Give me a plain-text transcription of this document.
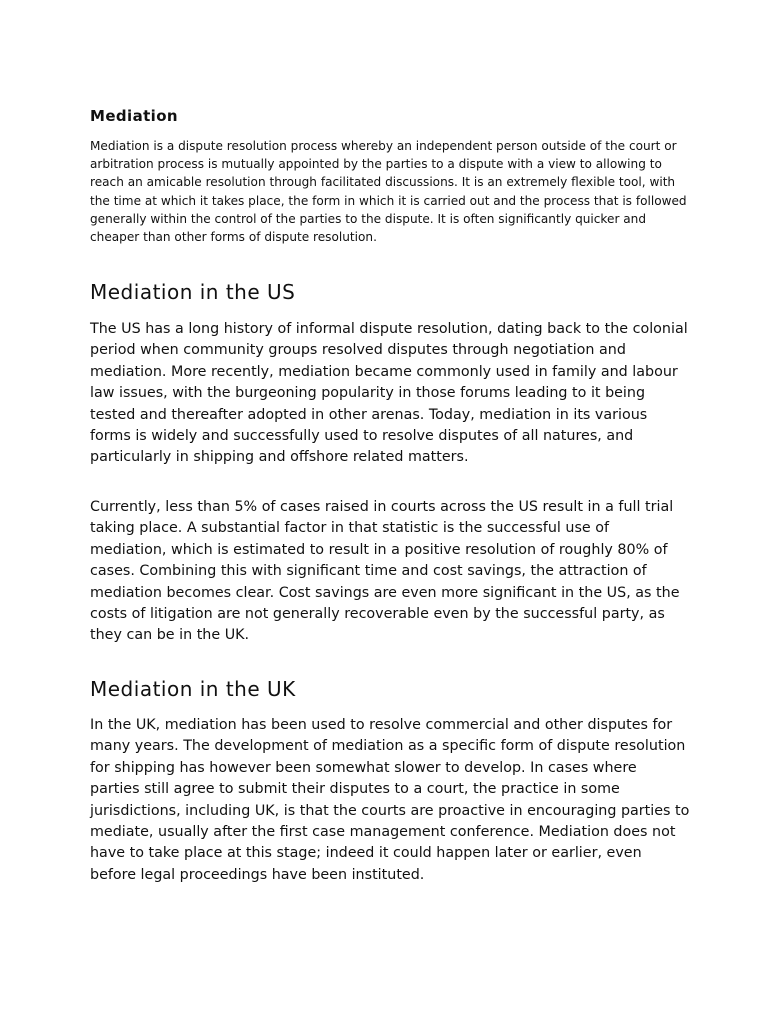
Mediation

Mediation is a dispute resolution process whereby an independent person outside of the court or arbitration process is mutually appointed by the parties to a dispute with a view to allowing to reach an amicable resolution through facilitated discussions. It is an extremely flexible tool, with the time at which it takes place, the form in which it is carried out and the process that is followed generally within the control of the parties to the dispute. It is often significantly quicker and cheaper than other forms of dispute resolution.

Mediation in the US

The US has a long history of informal dispute resolution, dating back to the colonial period when community groups resolved disputes through negotiation and mediation. More recently, mediation became commonly used in family and labour law issues, with the burgeoning popularity in those forums leading to it being tested and thereafter adopted in other arenas. Today, mediation in its various forms is widely and successfully used to resolve disputes of all natures, and particularly in shipping and offshore related matters.

Currently, less than 5% of cases raised in courts across the US result in a full trial taking place. A substantial factor in that statistic is the successful use of mediation, which is estimated to result in a positive resolution of roughly 80% of cases. Combining this with significant time and cost savings, the attraction of mediation becomes clear. Cost savings are even more significant in the US, as the costs of litigation are not generally recoverable even by the successful party, as they can be in the UK.

Mediation in the UK

In the UK, mediation has been used to resolve commercial and other disputes for many years. The development of mediation as a specific form of dispute resolution for shipping has however been somewhat slower to develop. In cases where parties still agree to submit their disputes to a court, the practice in some jurisdictions, including UK, is that the courts are proactive in encouraging parties to mediate, usually after the first case management conference. Mediation does not have to take place at this stage; indeed it could happen later or earlier, even before legal proceedings have been instituted.
